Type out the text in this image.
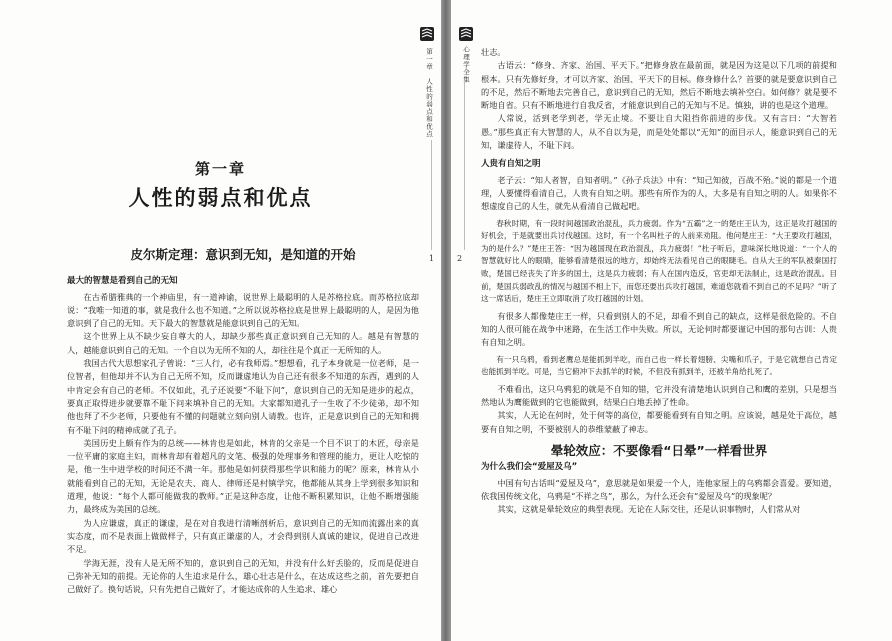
第一章　人性的弱点和优点
1
第一章
人性的弱点和优点
皮尔斯定理：意识到无知，是知道的开始
最大的智慧是看到自己的无知

在古希腊雅典的一个神庙里，有一道神谕，说世界上最聪明的人是苏格拉底。而苏格拉底却说：“我唯一知道的事，就是我什么也不知道。”之所以说苏格拉底是世界上最聪明的人，是因为他意识到了自己的无知。天下最大的智慧就是能意识到自己的无知。

这个世界上从不缺少妄自尊大的人，却缺少那些真正意识到自己无知的人。越是有智慧的人，越能意识到自己的无知。一个自以为无所不知的人，却往往是个真正一无所知的人。

我国古代大思想家孔子曾说：“三人行，必有我师焉。”想想看，孔子本身就是一位老师，是一位智者，但他却并不认为自己无所不知，反而谦虚地认为自己还有很多不知道的东西，遇到的人中肯定会有自己的老师。不仅如此，孔子还说要“不耻下问”，意识到自己的无知是进步的起点，要真正取得进步就要靠不耻下问来填补自己的无知。大家都知道孔子一生收了不少徒弟，却不知他也拜了不少老师，只要他有不懂的问题就立刻向别人请教。也许，正是意识到自己的无知和拥有不耻下问的精神成就了孔子。

美国历史上颇有作为的总统——林肯也是如此，林肯的父亲是一个目不识丁的木匠，母亲是一位平庸的家庭主妇，而林肯却有着超凡的文笔、极强的处理事务和管理的能力，更让人吃惊的是，他一生中进学校的时间还不满一年。那他是如何获得那些学识和能力的呢？原来，林肯从小就能看到自己的无知，无论是农夫、商人、律师还是村镇学究，他都能从其身上学到很多知识和道理，他说：“每个人都可能做我的教师。”正是这种态度，让他不断积累知识，让他不断增强能力，最终成为美国的总统。

为人应谦虚，真正的谦虚，是在对自我进行清晰剖析后，意识到自己的无知而流露出来的真实态度，而不是表面上做做样子，只有真正谦虚的人，才会得到别人真诚的建议，促进自己改进不足。

学海无涯，没有人是无所不知的，意识到自己的无知，并没有什么好丢脸的，反而是促进自己弥补无知的前提。无论你的人生追求是什么，雄心壮志是什么，在达成这些之前，首先要把自己做好了。换句话说，只有先把自己做好了，才能达成你的人生追求、雄心

心理学全集
2

壮志。

古语云：“修身、齐家、治国、平天下。”把修身放在最前面，就是因为这是以下几项的前提和根本。只有先修好身，才可以齐家、治国、平天下的目标。修身修什么？首要的就是要意识到自己的不足，然后不断地去完善自己，意识到自己的无知，然后不断地去填补空白。如何修？就是要不断地自省。只有不断地进行自我反省，才能意识到自己的无知与不足。慎独，讲的也是这个道理。

人常说，活到老学到老，学无止境。不要让自大阻挡你前进的步伐。又有言曰：“大智若愚。”那些真正有大智慧的人，从不自以为是，而是处处都以“无知”的面目示人，能意识到自己的无知，谦虚待人，不耻下问。

人贵有自知之明

老子云：“知人者智，自知者明。”《孙子兵法》中有：“知己知彼，百战不殆。”说的都是一个道理，人要懂得看清自己，人贵有自知之明。那些有所作为的人，大多是有自知之明的人。如果你不想虚度自己的人生，就先从看清自己做起吧。

春秋时期，有一段时间越国政治混乱，兵力疲弱。作为“五霸”之一的楚庄王认为，这正是攻打越国的好机会，于是就要出兵讨伐越国。这时，有一个名叫杜子的人前来劝阻。他问楚庄王：“大王要攻打越国，为的是什么？”楚庄王答：“因为越国现在政治混乱，兵力疲弱！”杜子听后，意味深长地说道：“一个人的智慧就好比人的眼睛，能够看清楚很远的地方，却始终无法看见自己的眼睫毛。自从大王的军队被秦国打败，楚国已经丧失了许多的国土，这是兵力疲弱；有人在国内造反，官吏却无法制止，这是政治混乱。目前，楚国兵弱政乱的情况与越国不相上下，而您还要出兵攻打越国，难道您就看不到自己的不足吗？”听了这一席话后，楚庄王立即取消了攻打越国的计划。

有很多人都像楚庄王一样，只看到别人的不足，却看不到自己的缺点，这样是很危险的。不自知的人很可能在战争中迷路，在生活工作中失败。所以，无论何时都要谨记中国的那句古训：人贵有自知之明。

有一只乌鸦，看到老鹰总是能抓到羊吃，而自己也一样长着翅膀、尖嘴和爪子，于是它就想自己肯定也能抓到羊吃。可是，当它俯冲下去抓羊的时候，不但没有抓到羊，还被羊角给扎死了。

不难看出，这只乌鸦犯的就是不自知的错，它并没有清楚地认识到自己和鹰的差别，只是想当然地认为鹰能做到的它也能做到，结果白白地丢掉了性命。

其实，人无论在何时，处于何等的高位，都要能看到有自知之明。应该说，越是处于高位，越要有自知之明，不要被别人的恭维蒙蔽了神志。

晕轮效应：不要像看“日晕”一样看世界
为什么我们会“爱屋及乌”

中国有句古话叫“爱屋及乌”，意思就是如果爱一个人，连他家屋上的乌鸦都会喜爱。要知道，依我国传统文化，乌鸦是“不祥之鸟”，那么，为什么还会有“爱屋及乌”的现象呢？

其实，这就是晕轮效应的典型表现。无论在人际交往，还是认识事物时，人们常从对
